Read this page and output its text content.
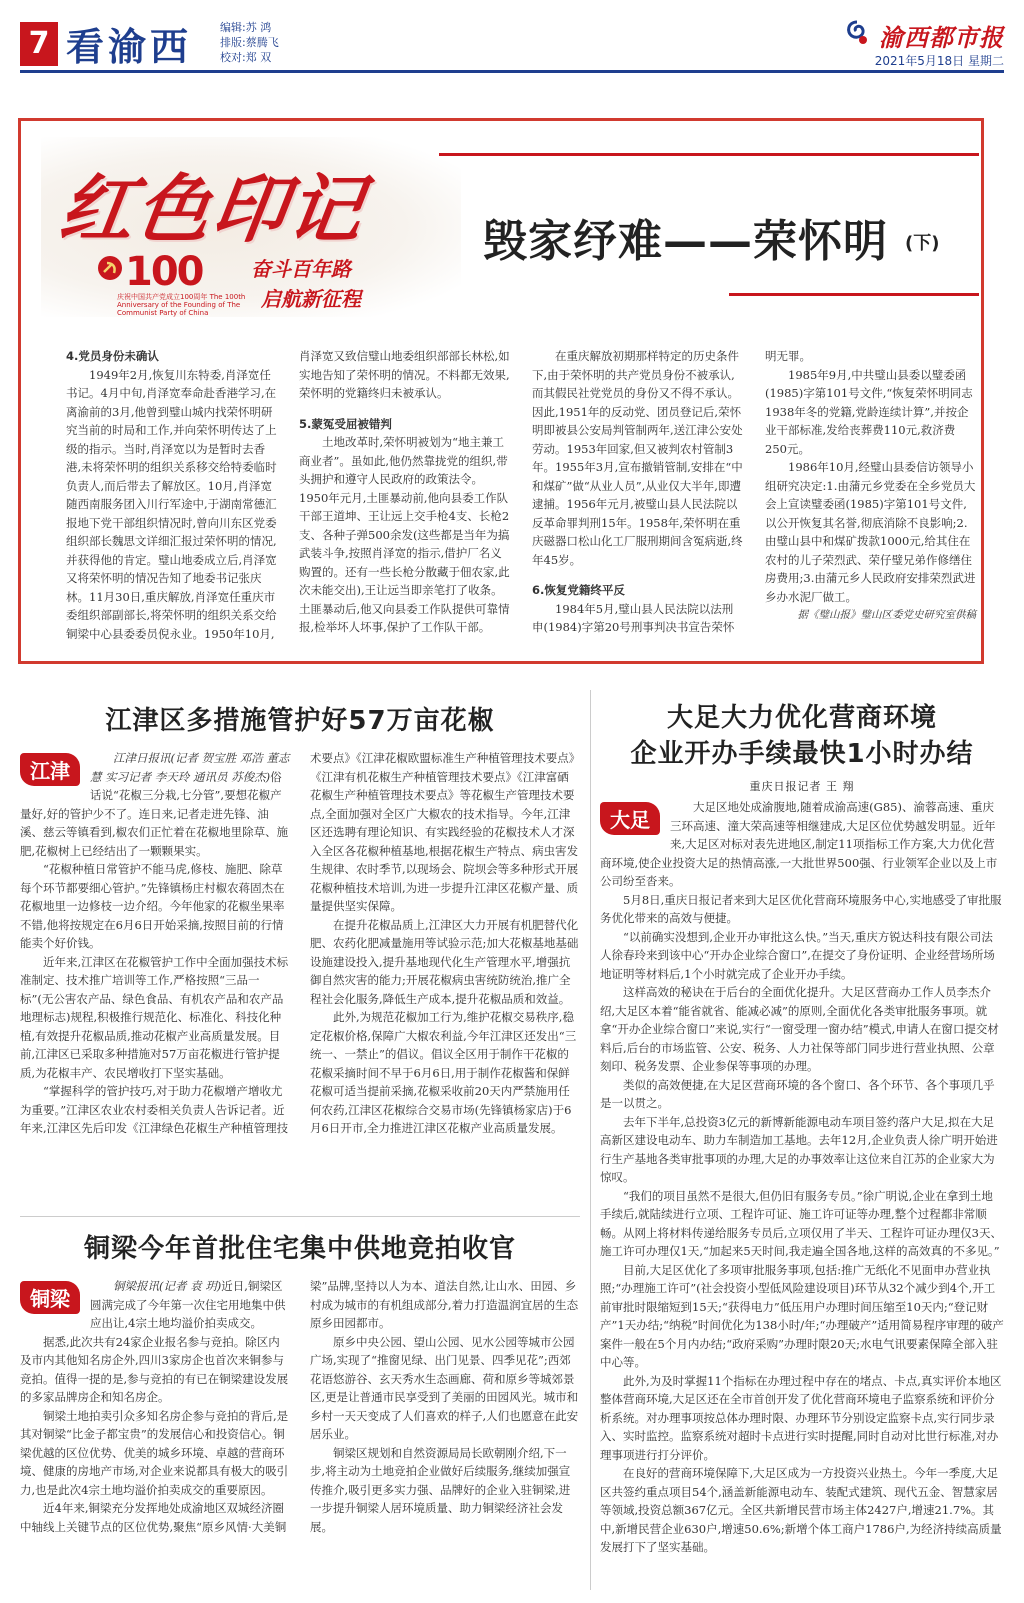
7 看渝西	编辑:苏 鸿
排版:蔡腾飞
校对:郑 双
渝西都市报
2021年5月18日 星期二
红色印记
100
庆祝中国共产党成立100周年 The 100th Anniversary of the Founding of The Communist Party of China
奋斗百年路
启航新征程
毁家纾难——荣怀明 (下)
4.党员身份未确认

1949年2月,恢复川东特委,肖泽宽任书记。4月中旬,肖泽宽奉命赴香港学习,在离渝前的3月,他曾到璧山城内找荣怀明研究当前的时局和工作,并向荣怀明传达了上级的指示。当时,肖泽宽以为是暂时去香港,未将荣怀明的组织关系移交给特委临时负责人,而后带去了解放区。10月,肖泽宽随西南服务团入川行军途中,于湖南常德汇报地下党干部组织情况时,曾向川东区党委组织部长魏思文详细汇报过荣怀明的情况,并获得他的肯定。璧山地委成立后,肖泽宽又将荣怀明的情况告知了地委书记张庆林。11月30日,重庆解放,肖泽宽任重庆市委组织部副部长,将荣怀明的组织关系交给铜梁中心县委委员倪永业。1950年10月,肖泽宽又致信璧山地委组织部部长林松,如实地告知了荣怀明的情况。不料都无效果,荣怀明的党籍终归未被承认。

5.蒙冤受屈被错判

土地改革时,荣怀明被划为“地主兼工商业者”。虽如此,他仍然靠拢党的组织,带头拥护和遵守人民政府的政策法令。1950年元月,土匪暴动前,他向县委工作队干部王道坤、王让远上交手枪4支、长枪2支、各种子弹500余发(这些都是当年为搞武装斗争,按照肖泽宽的指示,借护厂名义购置的。还有一些长枪分散藏于佃农家,此次未能交出),王让远当即亲笔打了收条。土匪暴动后,他又向县委工作队提供可靠情报,检举坏人坏事,保护了工作队干部。

在重庆解放初期那样特定的历史条件下,由于荣怀明的共产党员身份不被承认,而其假民社党党员的身份又不得不承认。因此,1951年的反动党、团员登记后,荣怀明即被县公安局判管制两年,送江津公安处劳动。1953年回家,但又被判农村管制3年。1955年3月,宣布撤销管制,安排在“中和煤矿”做“从业人员”,从业仅大半年,即遭逮捕。1956年元月,被璧山县人民法院以反革命罪判刑15年。1958年,荣怀明在重庆磁器口松山化工厂服刑期间含冤病逝,终年45岁。

6.恢复党籍终平反

1984年5月,璧山县人民法院以法刑申(1984)字第20号刑事判决书宣告荣怀明无罪。

1985年9月,中共璧山县委以璧委函(1985)字第101号文件,“恢复荣怀明同志1938年冬的党籍,党龄连续计算”,并按企业干部标准,发给丧葬费110元,救济费250元。

1986年10月,经璧山县委信访领导小组研究决定:1.由蒲元乡党委在全乡党员大会上宣读璧委函(1985)字第101号文件,以公开恢复其名誉,彻底消除不良影响;2.由璧山县中和煤矿拨款1000元,给其住在农村的儿子荣烈武、荣仔璧兄弟作修缮住房费用;3.由蒲元乡人民政府安排荣烈武进乡办水泥厂做工。

据《璧山报》璧山区委党史研究室供稿

江津区多措施管护好57万亩花椒
江津

江津日报讯(记者 贺宝胜 邓浩 董志慧 实习记者 李天玲 通讯员 苏俊杰)俗话说“花椒三分栽,七分管”,要想花椒产量好,好的管护少不了。连日来,记者走进先锋、油溪、慈云等镇看到,椒农们正忙着在花椒地里除草、施肥,花椒树上已经结出了一颗颗果实。

“花椒种植日常管护不能马虎,修枝、施肥、除草每个环节都要细心管护。”先锋镇杨庄村椒农蒋固杰在花椒地里一边修枝一边介绍。今年他家的花椒坐果率不错,他将按规定在6月6日开始采摘,按照目前的行情能卖个好价钱。

近年来,江津区在花椒管护工作中全面加强技术标准制定、技术推广培训等工作,严格按照“三品一标”(无公害农产品、绿色食品、有机农产品和农产品地理标志)规程,积极推行规范化、标准化、科技化种植,有效提升花椒品质,推动花椒产业高质量发展。目前,江津区已采取多种措施对57万亩花椒进行管护提质,为花椒丰产、农民增收打下坚实基础。

“掌握科学的管护技巧,对于助力花椒增产增收尤为重要。”江津区农业农村委相关负责人告诉记者。近年来,江津区先后印发《江津绿色花椒生产种植管理技术要点》《江津花椒欧盟标准生产种植管理技术要点》《江津有机花椒生产种植管理技术要点》《江津富硒花椒生产种植管理技术要点》等花椒生产管理技术要点,全面加强对全区广大椒农的技术指导。今年,江津区还选聘有理论知识、有实践经验的花椒技术人才深入全区各花椒种植基地,根据花椒生产特点、病虫害发生规律、农时季节,以现场会、院坝会等多种形式开展花椒种植技术培训,为进一步提升江津区花椒产量、质量提供坚实保障。

在提升花椒品质上,江津区大力开展有机肥替代化肥、农药化肥减量施用等试验示范;加大花椒基地基础设施建设投入,提升基地现代化生产管理水平,增强抗御自然灾害的能力;开展花椒病虫害统防统治,推广全程社会化服务,降低生产成本,提升花椒品质和效益。

此外,为规范花椒加工行为,维护花椒交易秩序,稳定花椒价格,保障广大椒农利益,今年江津区还发出“三统一、一禁止”的倡议。倡议全区用于制作干花椒的花椒采摘时间不早于6月6日,用于制作花椒酱和保鲜花椒可适当提前采摘,花椒采收前20天内严禁施用任何农药,江津区花椒综合交易市场(先锋镇杨家店)于6月6日开市,全力推进江津区花椒产业高质量发展。

铜梁今年首批住宅集中供地竞拍收官
铜梁

铜梁报讯(记者 袁 玥)近日,铜梁区圆满完成了今年第一次住宅用地集中供应出让,4宗土地均溢价拍卖成交。

据悉,此次共有24家企业报名参与竞拍。除区内及市内其他知名房企外,四川3家房企也首次来铜参与竞拍。值得一提的是,参与竞拍的有已在铜梁建设发展的多家品牌房企和知名房企。

铜梁土地拍卖引众多知名房企参与竞拍的背后,是其对铜梁“比金子都宝贵”的发展信心和投资信心。铜梁优越的区位优势、优美的城乡环境、卓越的营商环境、健康的房地产市场,对企业来说都具有极大的吸引力,也是此次4宗土地均溢价拍卖成交的重要原因。

近4年来,铜梁充分发挥地处成渝地区双城经济圈中轴线上关键节点的区位优势,聚焦“原乡风情·大美铜梁”品牌,坚持以人为本、道法自然,让山水、田园、乡村成为城市的有机组成部分,着力打造温润宜居的生态原乡田园都市。

原乡中央公园、望山公园、见水公园等城市公园广场,实现了“推窗见绿、出门见景、四季见花”;西郊花语悠游谷、玄天秀水生态画廊、荷和原乡等城郊景区,更是让普通市民享受到了美丽的田园风光。城市和乡村一天天变成了人们喜欢的样子,人们也愿意在此安居乐业。

铜梁区规划和自然资源局局长欧朝刚介绍,下一步,将主动为土地竞拍企业做好后续服务,继续加强宣传推介,吸引更多实力强、品牌好的企业入驻铜梁,进一步提升铜梁人居环境质量、助力铜梁经济社会发展。

大足大力优化营商环境
企业开办手续最快1小时办结
重庆日报记者 王 翔
大足

大足区地处成渝腹地,随着成渝高速(G85)、渝蓉高速、重庆三环高速、潼大荣高速等相继建成,大足区位优势越发明显。近年来,大足区对标对表先进地区,制定11项指标工作方案,大力优化营商环境,使企业投资大足的热情高涨,一大批世界500强、行业领军企业以及上市公司纷至沓来。

5月8日,重庆日报记者来到大足区优化营商环境服务中心,实地感受了审批服务优化带来的高效与便捷。

“以前确实没想到,企业开办审批这么快。”当天,重庆方锐达科技有限公司法人徐春玲来到该中心“开办企业综合窗口”,在提交了身份证明、企业经营场所场地证明等材料后,1个小时就完成了企业开办手续。

这样高效的秘诀在于后台的全面优化提升。大足区营商办工作人员李杰介绍,大足区本着“能省就省、能减必减”的原则,全面优化各类审批服务事项。就拿“开办企业综合窗口”来说,实行“一窗受理一窗办结”模式,申请人在窗口提交材料后,后台的市场监管、公安、税务、人力社保等部门同步进行营业执照、公章刻印、税务发票、企业参保等事项的办理。

类似的高效便捷,在大足区营商环境的各个窗口、各个环节、各个事项几乎是一以贯之。

去年下半年,总投资3亿元的新博新能源电动车项目签约落户大足,拟在大足高新区建设电动车、助力车制造加工基地。去年12月,企业负责人徐广明开始进行生产基地各类审批事项的办理,大足的办事效率让这位来自江苏的企业家大为惊叹。

“我们的项目虽然不是很大,但仍旧有服务专员。”徐广明说,企业在拿到土地手续后,就陆续进行立项、工程许可证、施工许可证等办理,整个过程都非常顺畅。从网上将材料传递给服务专员后,立项仅用了半天、工程许可证办理仅3天、施工许可办理仅1天,“加起来5天时间,我走遍全国各地,这样的高效真的不多见。”

目前,大足区优化了多项审批服务事项,包括:推广无纸化不见面申办营业执照;“办理施工许可”(社会投资小型低风险建设项目)环节从32个减少到4个,开工前审批时限缩短到15天;“获得电力”低压用户办理时间压缩至10天内;“登记财产”1天办结;“纳税”时间优化为138小时/年;“办理破产”适用简易程序审理的破产案件一般在5个月内办结;“政府采购”办理时限20天;水电气讯要素保障全部入驻中心等。

此外,为及时掌握11个指标在办理过程中存在的堵点、卡点,真实评价本地区整体营商环境,大足区还在全市首创开发了优化营商环境电子监察系统和评价分析系统。对办理事项按总体办理时限、办理环节分别设定监察卡点,实行同步录入、实时监控。监察系统对超时卡点进行实时提醒,同时自动对比世行标准,对办理事项进行打分评价。

在良好的营商环境保障下,大足区成为一方投资兴业热土。今年一季度,大足区共签约重点项目54个,涵盖新能源电动车、装配式建筑、现代五金、智慧家居等领域,投资总额367亿元。全区共新增民营市场主体2427户,增速21.7%。其中,新增民营企业630户,增速50.6%;新增个体工商户1786户,为经济持续高质量发展打下了坚实基础。
